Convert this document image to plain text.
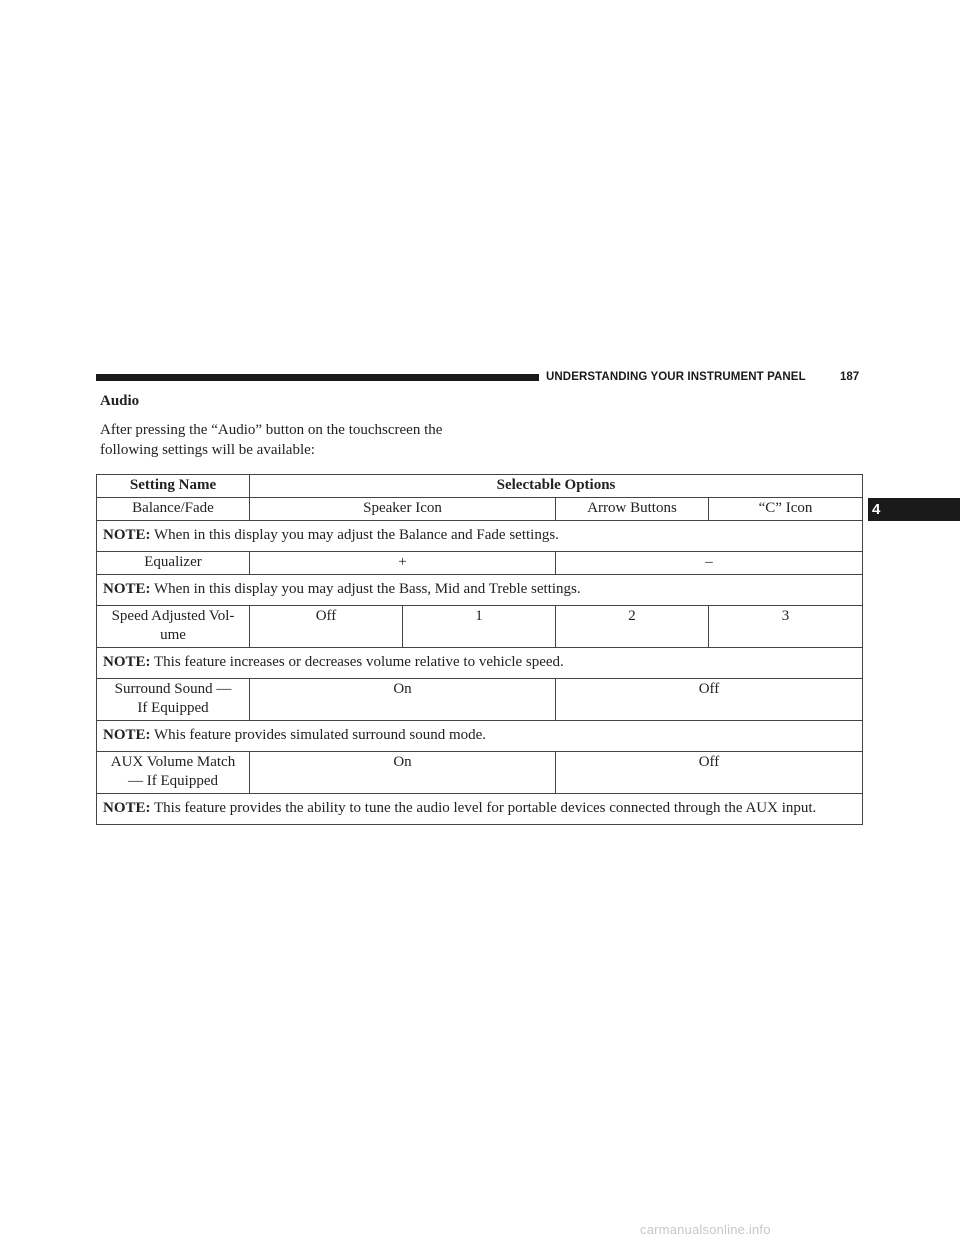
UNDERSTANDING YOUR INSTRUMENT PANEL	187
4
Audio
After pressing the “Audio” button on the touchscreen the following settings will be available:
Setting Name	Selectable Options			
Balance/Fade	Speaker Icon		Arrow Buttons	“C” Icon
NOTE: When in this display you may adjust the Balance and Fade settings.				
Equalizer	+		–	
NOTE: When in this display you may adjust the Bass, Mid and Treble settings.				
Speed Adjusted Vol-
ume	Off	1	2	3
NOTE: This feature increases or decreases volume relative to vehicle speed.				
Surround Sound —
If Equipped	On		Off	
NOTE: Whis feature provides simulated surround sound mode.				
AUX Volume Match
— If Equipped	On		Off	
NOTE: This feature provides the ability to tune the audio level for portable devices connected through the AUX input.				
carmanualsonline.info
